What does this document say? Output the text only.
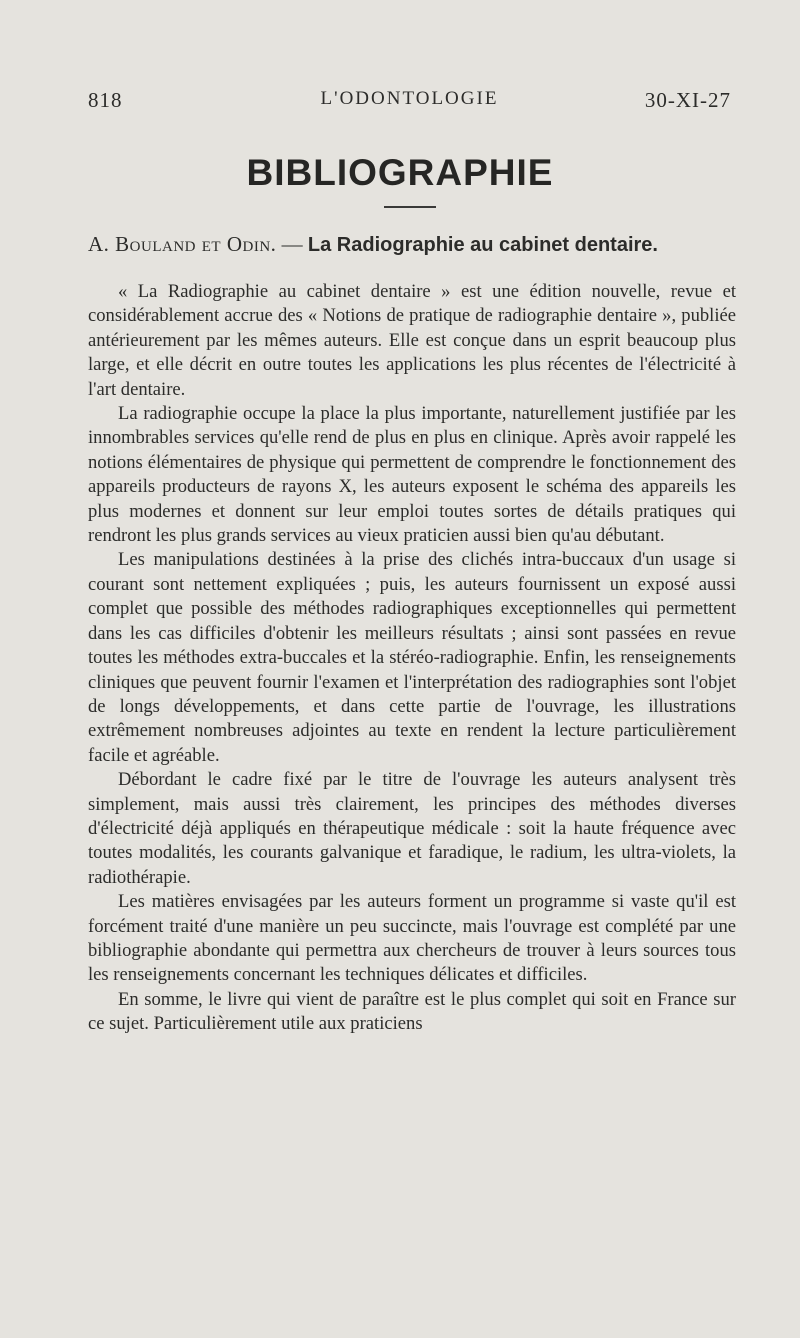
818	L'ODONTOLOGIE	30-XI-27
BIBLIOGRAPHIE
A. Bouland et Odin. — La Radiographie au cabinet dentaire.

« La Radiographie au cabinet dentaire » est une édition nouvelle, revue et considérablement accrue des « Notions de pratique de radiographie dentaire », publiée antérieurement par les mêmes auteurs. Elle est conçue dans un esprit beaucoup plus large, et elle décrit en outre toutes les applications les plus récentes de l'électricité à l'art dentaire.

La radiographie occupe la place la plus importante, naturellement justifiée par les innombrables services qu'elle rend de plus en plus en clinique. Après avoir rappelé les notions élémentaires de physique qui permettent de comprendre le fonctionnement des appareils producteurs de rayons X, les auteurs exposent le schéma des appareils les plus modernes et donnent sur leur emploi toutes sortes de détails pratiques qui rendront les plus grands services au vieux praticien aussi bien qu'au débutant.

Les manipulations destinées à la prise des clichés intra-buccaux d'un usage si courant sont nettement expliquées ; puis, les auteurs fournissent un exposé aussi complet que possible des méthodes radiographiques exceptionnelles qui permettent dans les cas difficiles d'obtenir les meilleurs résultats ; ainsi sont passées en revue toutes les méthodes extra-buccales et la stéréo-radiographie. Enfin, les renseignements cliniques que peuvent fournir l'examen et l'interprétation des radiographies sont l'objet de longs développements, et dans cette partie de l'ouvrage, les illustrations extrêmement nombreuses adjointes au texte en rendent la lecture particulièrement facile et agréable.

Débordant le cadre fixé par le titre de l'ouvrage les auteurs analysent très simplement, mais aussi très clairement, les principes des méthodes diverses d'électricité déjà appliqués en thérapeutique médicale : soit la haute fréquence avec toutes modalités, les courants galvanique et faradique, le radium, les ultra-violets, la radiothérapie.

Les matières envisagées par les auteurs forment un programme si vaste qu'il est forcément traité d'une manière un peu succincte, mais l'ouvrage est complété par une bibliographie abondante qui permettra aux chercheurs de trouver à leurs sources tous les renseignements concernant les techniques délicates et difficiles.

En somme, le livre qui vient de paraître est le plus complet qui soit en France sur ce sujet. Particulièrement utile aux praticiens
